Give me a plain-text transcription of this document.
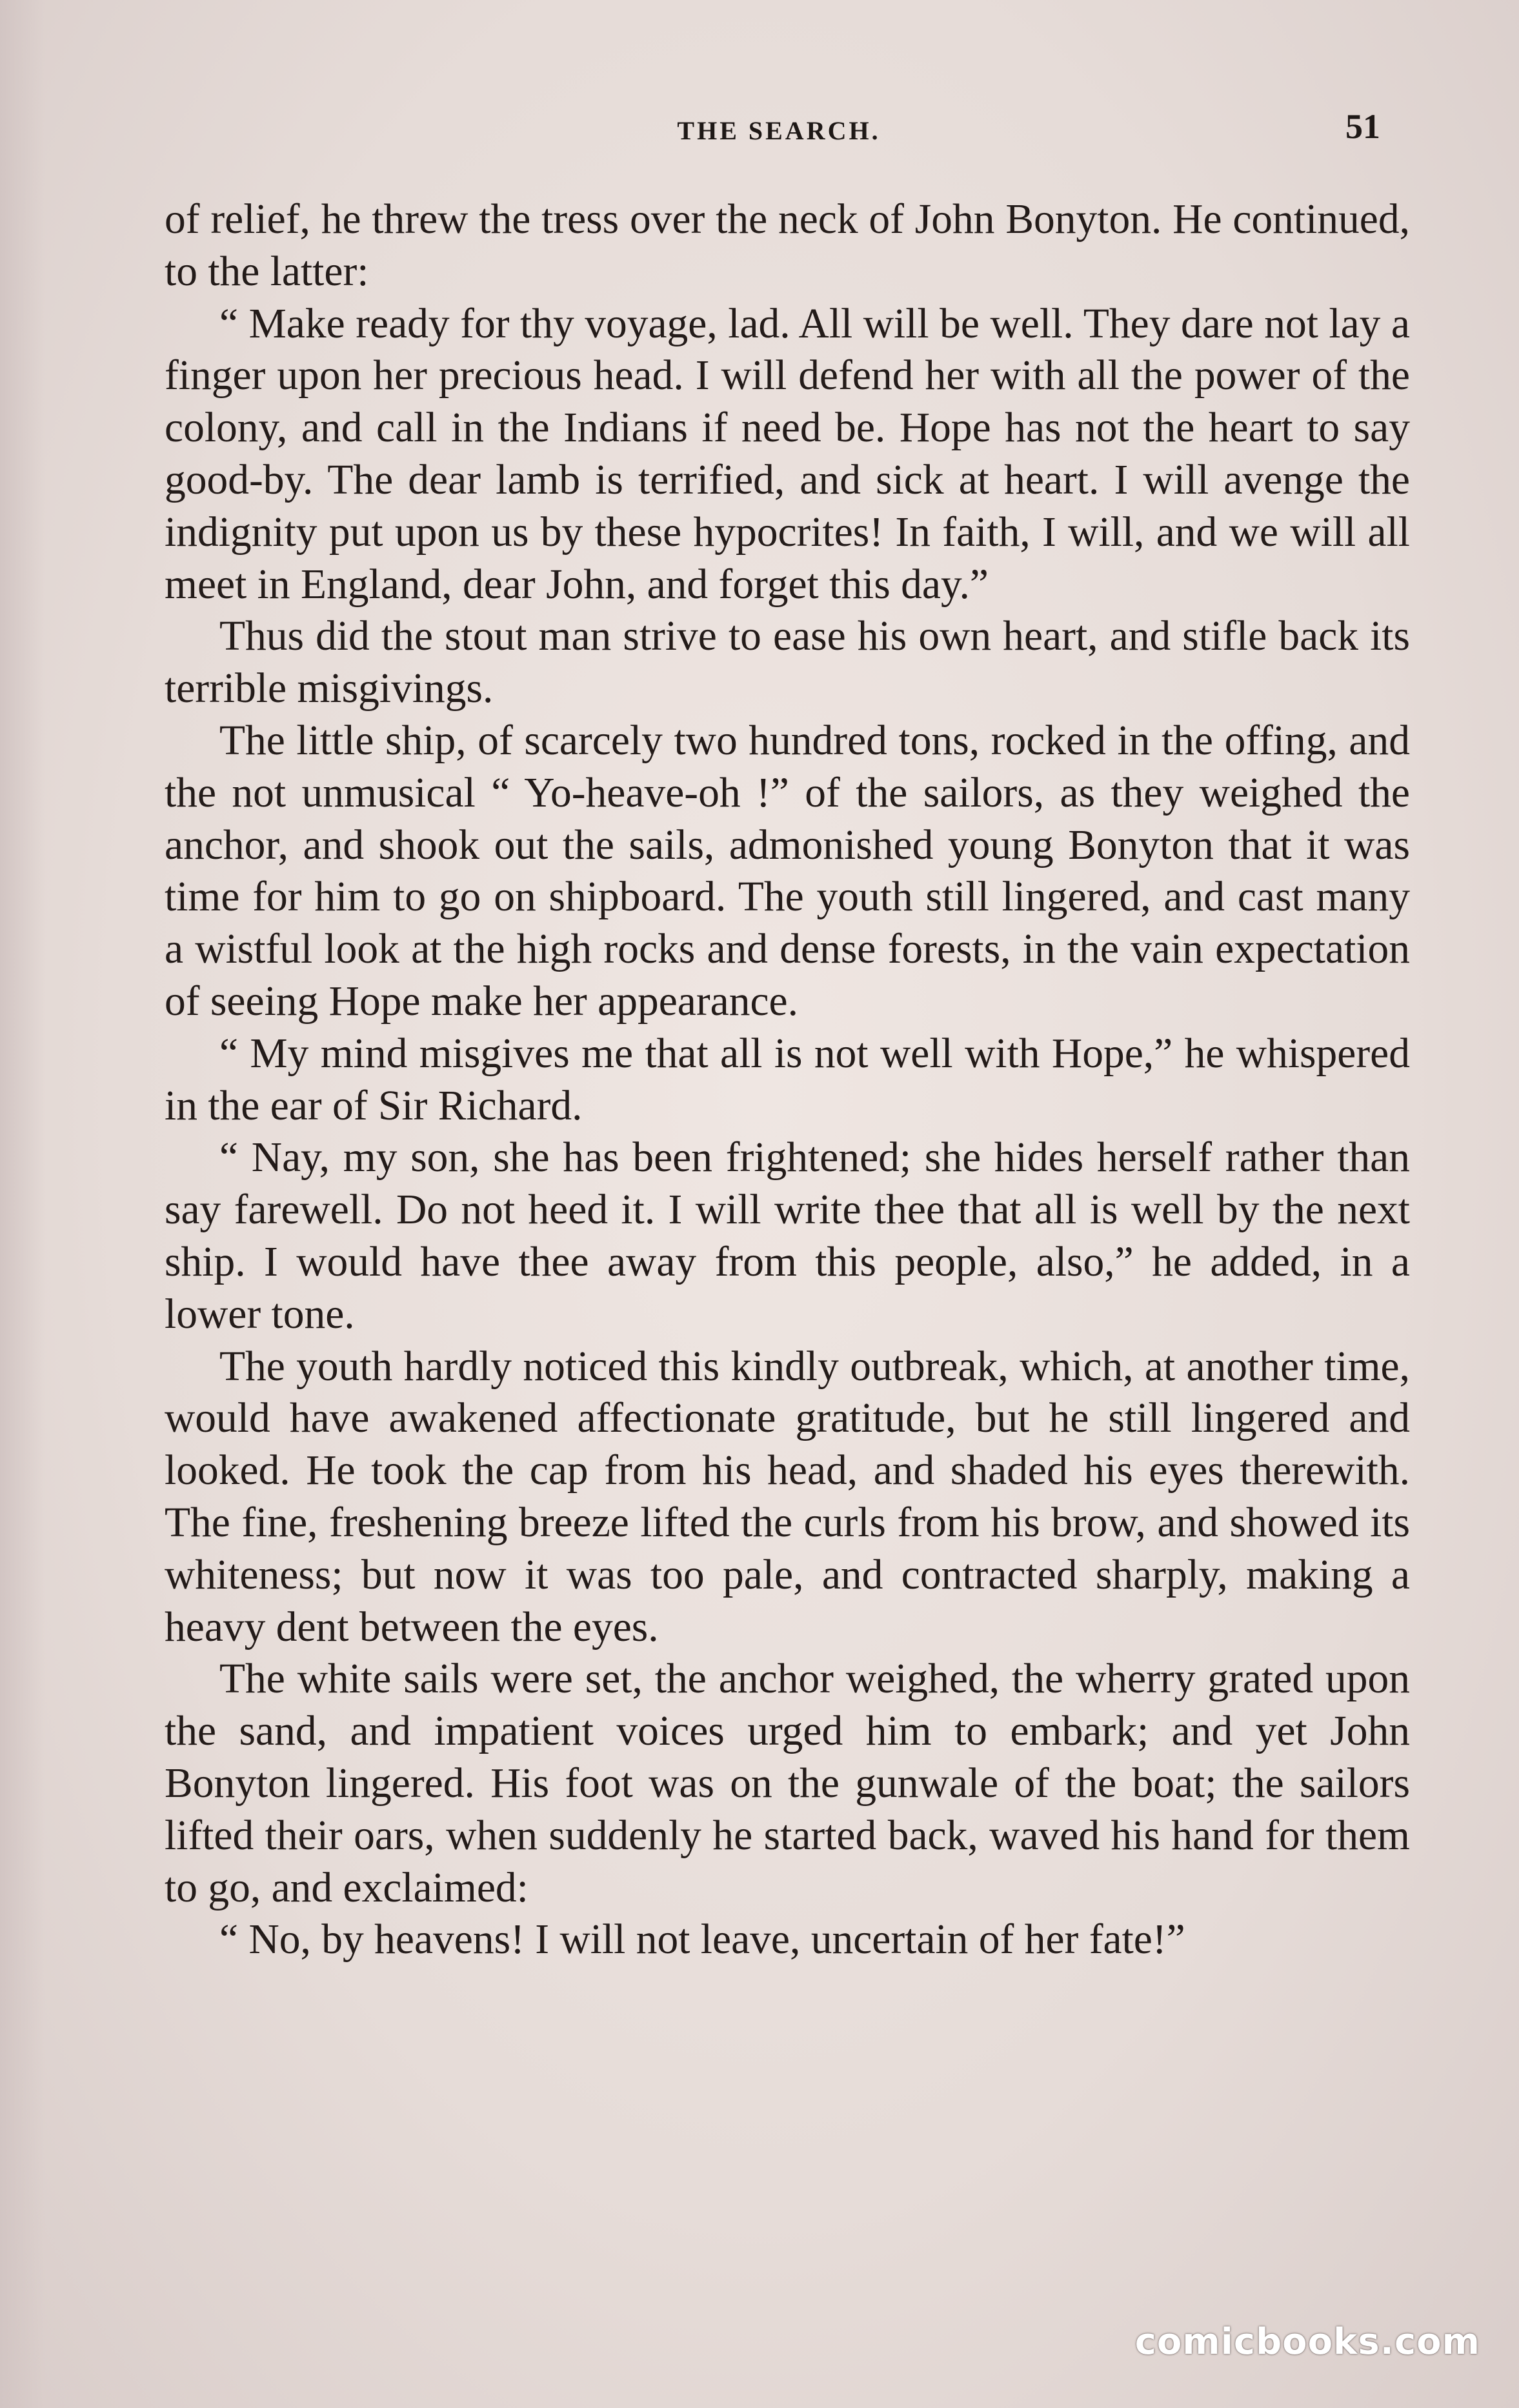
THE SEARCH.	51

of relief, he threw the tress over the neck of John Bonyton. He continued, to the latter:

“ Make ready for thy voyage, lad. All will be well. They dare not lay a finger upon her precious head. I will defend her with all the power of the colony, and call in the Indians if need be. Hope has not the heart to say good-by. The dear lamb is terrified, and sick at heart. I will avenge the indignity put upon us by these hypocrites! In faith, I will, and we will all meet in England, dear John, and forget this day.”

Thus did the stout man strive to ease his own heart, and stifle back its terrible misgivings.

The little ship, of scarcely two hundred tons, rocked in the offing, and the not unmusical “ Yo-heave-oh !” of the sailors, as they weighed the anchor, and shook out the sails, admonished young Bonyton that it was time for him to go on shipboard. The youth still lingered, and cast many a wistful look at the high rocks and dense forests, in the vain expectation of seeing Hope make her appearance.

“ My mind misgives me that all is not well with Hope,” he whispered in the ear of Sir Richard.

“ Nay, my son, she has been frightened; she hides herself rather than say farewell. Do not heed it. I will write thee that all is well by the next ship. I would have thee away from this people, also,” he added, in a lower tone.

The youth hardly noticed this kindly outbreak, which, at another time, would have awakened affectionate gratitude, but he still lingered and looked. He took the cap from his head, and shaded his eyes therewith. The fine, freshening breeze lifted the curls from his brow, and showed its whiteness; but now it was too pale, and contracted sharply, making a heavy dent between the eyes.

The white sails were set, the anchor weighed, the wherry grated upon the sand, and impatient voices urged him to embark; and yet John Bonyton lingered. His foot was on the gunwale of the boat; the sailors lifted their oars, when suddenly he started back, waved his hand for them to go, and exclaimed:

“ No, by heavens! I will not leave, uncertain of her fate!”

comicbooks.com
